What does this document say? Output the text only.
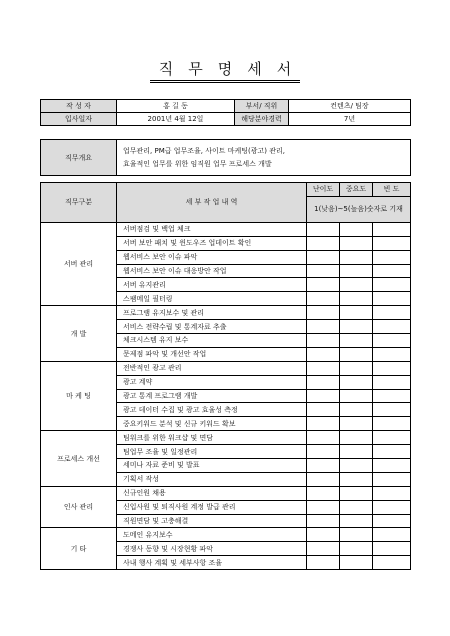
직무명세서
작 성 자	홍 길 동	부서/ 직위	컨텐츠/ 팀장
입사일자	2001년 4월 12일	해당분야경력	7년
직무개요	
업무관리, PM급 업무조율, 사이트 마케팅(광고) 관리,
효율적인 업무를 위한 임직원 업무 프로세스 개발
직무구분	세 부 작 업 내 역	난이도	중요도	빈 도
		1(낮음)~5(높음)숫자로 기재		
서버 관리	서버점검 및 백업 체크			
	서버 보안 패치 및 윈도우즈 업데이트 확인			
	웹서비스 보안 이슈 파악			
	웹서비스 보안 이슈 대응방안 작업			
	서버 유지관리			
	스팸메일 필터링			
개 발	프로그램 유지보수 및 관리			
	서비스 전략수립 및 통계자료 추출			
	체크시스템 유지 보수			
	문제점 파악 및 개선안 작업			
마 케 팅	전반적인 광고 관리			
	광고 계약			
	광고 통계 프로그램 개발			
	광고 데이터 수집 및 광고 효율성 측정			
	중요키워드 분석 및 신규 키워드 확보			
프로세스 개선	팀워크를 위한 워크샵 및 면담			
	팀업무 조율 및 일정관리			
	세미나 자료 준비 및 발표			
	기획서 작성			
인사 관리	신규인원 채용			
	신입사원 및 퇴직사원 계정 발급 관리			
	직원면담 및 고충해결			
기 타	도메인 유지보수			
	경쟁사 동향 및 시장현황 파악			
	사내 행사 계획 및 세부사항 조율			
